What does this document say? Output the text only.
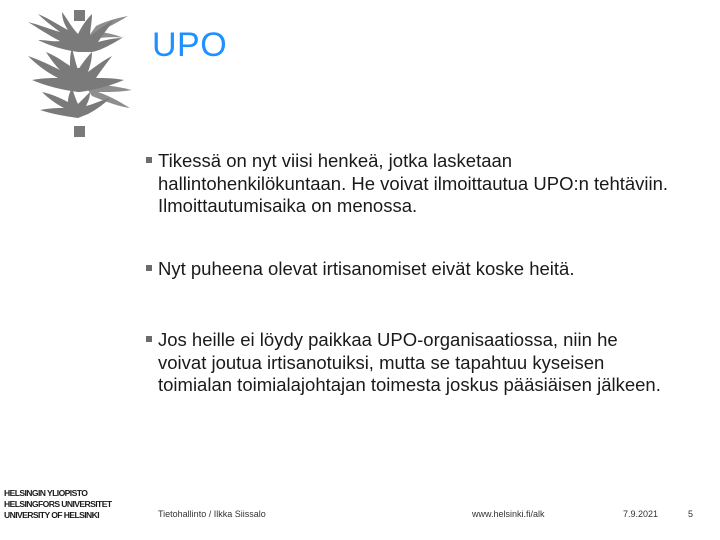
UPO
Tikessä on nyt viisi henkeä, jotka lasketaan
hallintohenkilökuntaan. He voivat ilmoittautua UPO:n tehtäviin.
Ilmoittautumisaika on menossa.
Nyt puheena olevat irtisanomiset eivät koske heitä.
Jos heille ei löydy paikkaa UPO-organisaatiossa, niin he
voivat joutua irtisanotuiksi, mutta se tapahtuu kyseisen
toimialan toimialajohtajan toimesta joskus pääsiäisen jälkeen.
HELSINGIN YLIOPISTO
HELSINGFORS UNIVERSITET
UNIVERSITY OF HELSINKI	Tietohallinto / Ilkka Siissalo	www.helsinki.fi/alk	7.9.2021	5
